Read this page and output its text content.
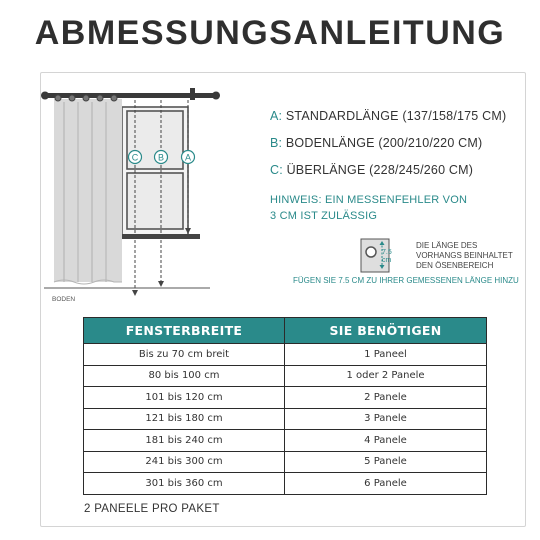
ABMESSUNGSANLEITUNG
C B A
BODEN
A: STANDARDLÄNGE (137/158/175 CM)
B: BODENLÄNGE (200/210/220 CM)
C: ÜBERLÄNGE (228/245/260 CM)
HINWEIS: EIN MESSENFEHLER VON
3 CM IST ZULÄSSIG
7.5 cm
DIE LÄNGE DES
VORHANGS BEINHALTET
DEN ÖSENBEREICH
FÜGEN SIE 7.5 CM ZU IHRER GEMESSENEN LÄNGE HINZU
FENSTERBREITE	SIE BENÖTIGEN
Bis zu 70 cm breit	1 Paneel
80 bis 100 cm	1 oder 2 Panele
101 bis 120 cm	2 Panele
121 bis 180 cm	3 Panele
181 bis 240 cm	4 Panele
241 bis 300 cm	5 Panele
301 bis 360 cm	6 Panele
2 PANEELE PRO PAKET
